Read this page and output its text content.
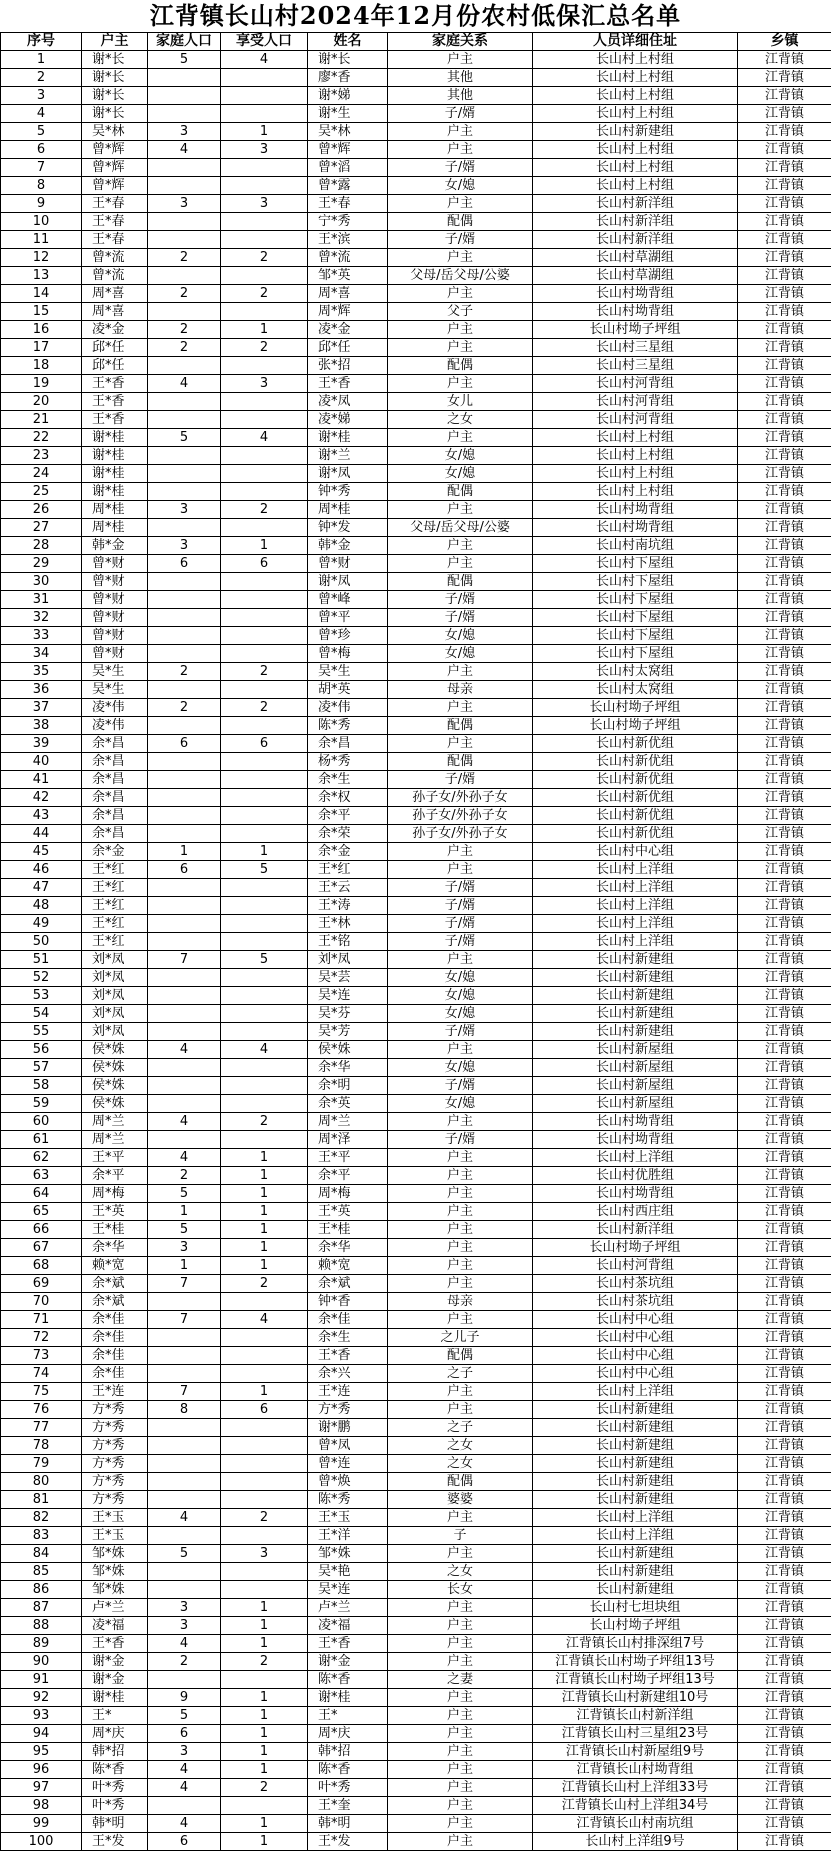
江背镇长山村2024年12月份农村低保汇总名单
序号	户主	家庭人口	享受人口	姓名	家庭关系	人员详细住址	乡镇
1	谢*长	5	4	谢*长	户主	长山村上村组	江背镇
2	谢*长			廖*香	其他	长山村上村组	江背镇
3	谢*长			谢*娣	其他	长山村上村组	江背镇
4	谢*长			谢*生	子/婿	长山村上村组	江背镇
5	吴*林	3	1	吴*林	户主	长山村新建组	江背镇
6	曾*辉	4	3	曾*辉	户主	长山村上村组	江背镇
7	曾*辉			曾*滔	子/婿	长山村上村组	江背镇
8	曾*辉			曾*露	女/媳	长山村上村组	江背镇
9	王*春	3	3	王*春	户主	长山村新洋组	江背镇
10	王*春			宁*秀	配偶	长山村新洋组	江背镇
11	王*春			王*滨	子/婿	长山村新洋组	江背镇
12	曾*流	2	2	曾*流	户主	长山村草湖组	江背镇
13	曾*流			邹*英	父母/岳父母/公婆	长山村草湖组	江背镇
14	周*喜	2	2	周*喜	户主	长山村坳背组	江背镇
15	周*喜			周*辉	父子	长山村坳背组	江背镇
16	凌*金	2	1	凌*金	户主	长山村坳子坪组	江背镇
17	邱*任	2	2	邱*任	户主	长山村三星组	江背镇
18	邱*任			张*招	配偶	长山村三星组	江背镇
19	王*香	4	3	王*香	户主	长山村河背组	江背镇
20	王*香			凌*凤	女儿	长山村河背组	江背镇
21	王*香			凌*娣	之女	长山村河背组	江背镇
22	谢*桂	5	4	谢*桂	户主	长山村上村组	江背镇
23	谢*桂			谢*兰	女/媳	长山村上村组	江背镇
24	谢*桂			谢*凤	女/媳	长山村上村组	江背镇
25	谢*桂			钟*秀	配偶	长山村上村组	江背镇
26	周*桂	3	2	周*桂	户主	长山村坳背组	江背镇
27	周*桂			钟*发	父母/岳父母/公婆	长山村坳背组	江背镇
28	韩*金	3	1	韩*金	户主	长山村南坑组	江背镇
29	曾*财	6	6	曾*财	户主	长山村下屋组	江背镇
30	曾*财			谢*凤	配偶	长山村下屋组	江背镇
31	曾*财			曾*峰	子/婿	长山村下屋组	江背镇
32	曾*财			曾*平	子/婿	长山村下屋组	江背镇
33	曾*财			曾*珍	女/媳	长山村下屋组	江背镇
34	曾*财			曾*梅	女/媳	长山村下屋组	江背镇
35	吴*生	2	2	吴*生	户主	长山村太窝组	江背镇
36	吴*生			胡*英	母亲	长山村太窝组	江背镇
37	凌*伟	2	2	凌*伟	户主	长山村坳子坪组	江背镇
38	凌*伟			陈*秀	配偶	长山村坳子坪组	江背镇
39	余*昌	6	6	余*昌	户主	长山村新优组	江背镇
40	余*昌			杨*秀	配偶	长山村新优组	江背镇
41	余*昌			余*生	子/婿	长山村新优组	江背镇
42	余*昌			余*权	孙子女/外孙子女	长山村新优组	江背镇
43	余*昌			余*平	孙子女/外孙子女	长山村新优组	江背镇
44	余*昌			余*荣	孙子女/外孙子女	长山村新优组	江背镇
45	余*金	1	1	余*金	户主	长山村中心组	江背镇
46	王*红	6	5	王*红	户主	长山村上洋组	江背镇
47	王*红			王*云	子/婿	长山村上洋组	江背镇
48	王*红			王*涛	子/婿	长山村上洋组	江背镇
49	王*红			王*林	子/婿	长山村上洋组	江背镇
50	王*红			王*铭	子/婿	长山村上洋组	江背镇
51	刘*凤	7	5	刘*凤	户主	长山村新建组	江背镇
52	刘*凤			吴*芸	女/媳	长山村新建组	江背镇
53	刘*凤			吴*连	女/媳	长山村新建组	江背镇
54	刘*凤			吴*芬	女/媳	长山村新建组	江背镇
55	刘*凤			吴*芳	子/婿	长山村新建组	江背镇
56	侯*姝	4	4	侯*姝	户主	长山村新屋组	江背镇
57	侯*姝			余*华	女/媳	长山村新屋组	江背镇
58	侯*姝			余*明	子/婿	长山村新屋组	江背镇
59	侯*姝			余*英	女/媳	长山村新屋组	江背镇
60	周*兰	4	2	周*兰	户主	长山村坳背组	江背镇
61	周*兰			周*泽	子/婿	长山村坳背组	江背镇
62	王*平	4	1	王*平	户主	长山村上洋组	江背镇
63	余*平	2	1	余*平	户主	长山村优胜组	江背镇
64	周*梅	5	1	周*梅	户主	长山村坳背组	江背镇
65	王*英	1	1	王*英	户主	长山村西庄组	江背镇
66	王*桂	5	1	王*桂	户主	长山村新洋组	江背镇
67	余*华	3	1	余*华	户主	长山村坳子坪组	江背镇
68	赖*宽	1	1	赖*宽	户主	长山村河背组	江背镇
69	余*斌	7	2	余*斌	户主	长山村茶坑组	江背镇
70	余*斌			钟*香	母亲	长山村茶坑组	江背镇
71	余*佳	7	4	余*佳	户主	长山村中心组	江背镇
72	余*佳			余*生	之儿子	长山村中心组	江背镇
73	余*佳			王*香	配偶	长山村中心组	江背镇
74	余*佳			余*兴	之子	长山村中心组	江背镇
75	王*连	7	1	王*连	户主	长山村上洋组	江背镇
76	方*秀	8	6	方*秀	户主	长山村新建组	江背镇
77	方*秀			谢*鹏	之子	长山村新建组	江背镇
78	方*秀			曾*凤	之女	长山村新建组	江背镇
79	方*秀			曾*连	之女	长山村新建组	江背镇
80	方*秀			曾*焕	配偶	长山村新建组	江背镇
81	方*秀			陈*秀	婆婆	长山村新建组	江背镇
82	王*玉	4	2	王*玉	户主	长山村上洋组	江背镇
83	王*玉			王*洋	子	长山村上洋组	江背镇
84	邹*姝	5	3	邹*姝	户主	长山村新建组	江背镇
85	邹*姝			吴*艳	之女	长山村新建组	江背镇
86	邹*姝			吴*连	长女	长山村新建组	江背镇
87	卢*兰	3	1	卢*兰	户主	长山村七坦块组	江背镇
88	凌*福	3	1	凌*福	户主	长山村坳子坪组	江背镇
89	王*香	4	1	王*香	户主	江背镇长山村排深组7号	江背镇
90	谢*金	2	2	谢*金	户主	江背镇长山村坳子坪组13号	江背镇
91	谢*金			陈*香	之妻	江背镇长山村坳子坪组13号	江背镇
92	谢*桂	9	1	谢*桂	户主	江背镇长山村新建组10号	江背镇
93	王*	5	1	王*	户主	江背镇长山村新洋组	江背镇
94	周*庆	6	1	周*庆	户主	江背镇长山村三星组23号	江背镇
95	韩*招	3	1	韩*招	户主	江背镇长山村新屋组9号	江背镇
96	陈*香	4	1	陈*香	户主	江背镇长山村坳背组	江背镇
97	叶*秀	4	2	叶*秀	户主	江背镇长山村上洋组33号	江背镇
98	叶*秀			王*奎	户主	江背镇长山村上洋组34号	江背镇
99	韩*明	4	1	韩*明	户主	江背镇长山村南坑组	江背镇
100	王*发	6	1	王*发	户主	长山村上洋组9号	江背镇
